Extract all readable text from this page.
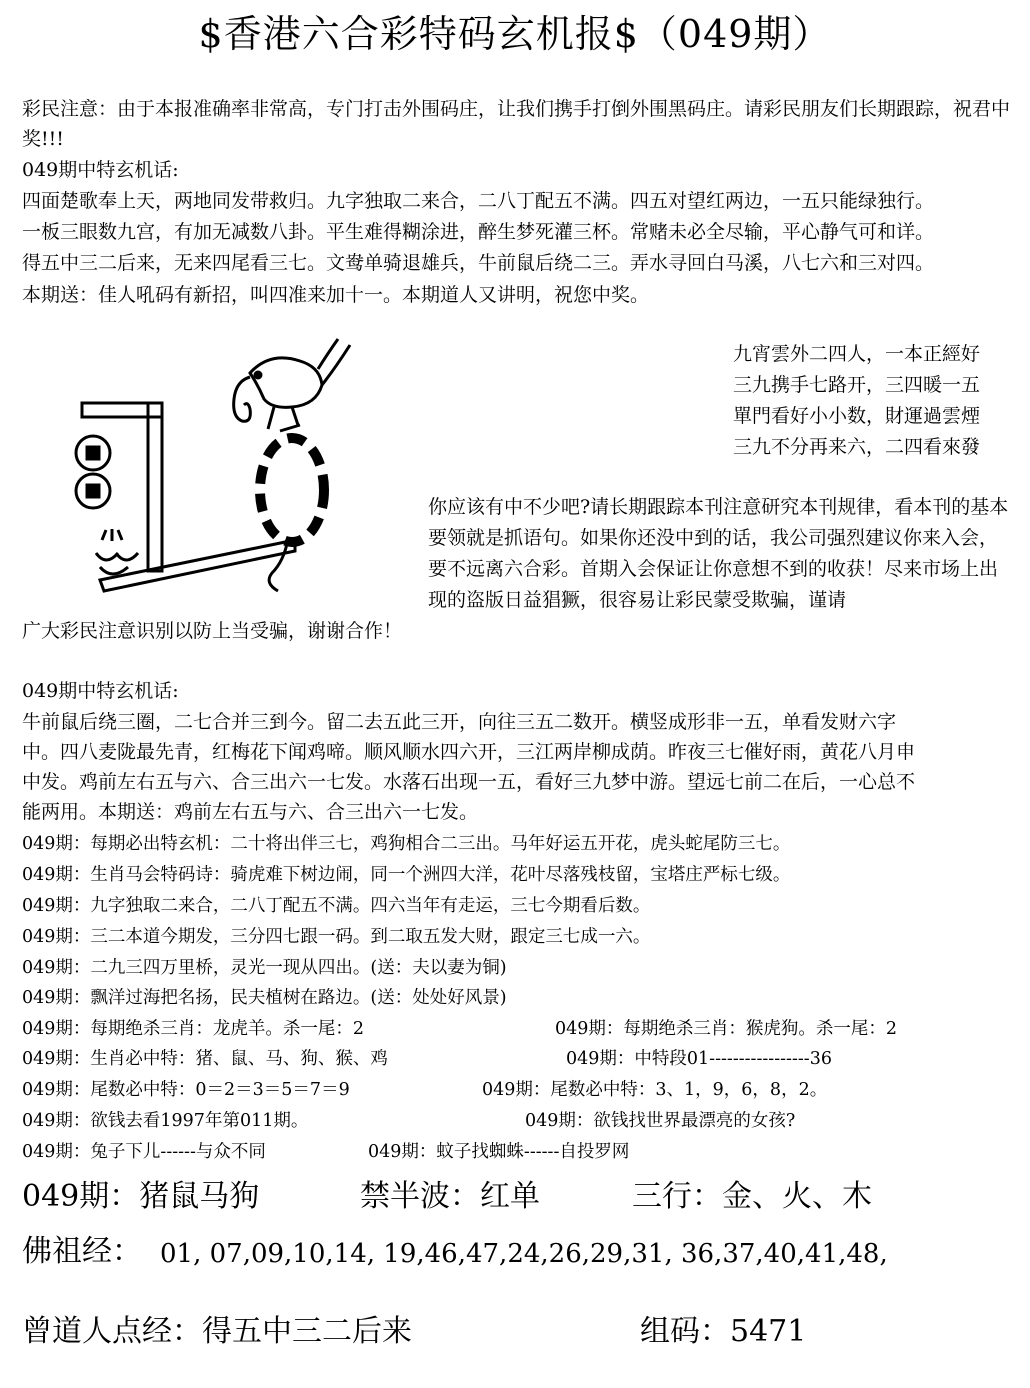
$香港六合彩特码玄机报$（049期）
彩民注意：由于本报准确率非常高，专门打击外围码庄，让我们携手打倒外围黑码庄。请彩民朋友们长期跟踪，祝君中奖!!!
049期中特玄机话:
四面楚歌奉上天，两地同发带救归。九字独取二来合，二八丁配五不满。四五对望红两边，一五只能绿独行。
一板三眼数九宫，有加无减数八卦。平生难得糊涂进，醉生梦死灌三杯。常赌未必全尽输，平心静气可和详。
得五中三二后来，无来四尾看三七。文鸯单骑退雄兵，牛前鼠后绕二三。弄水寻回白马溪，八七六和三对四。
本期送：佳人吼码有新招，叫四准来加十一。本期道人又讲明，祝您中奖。
九宵雲外二四人，一本正經好
三九携手七路开，三四暖一五
單門看好小小数，財運過雲煙
三九不分再来六，二四看來發
你应该有中不少吧?请长期跟踪本刊注意研究本刊规律，看本刊的基本要领就是抓语句。如果你还没中到的话，我公司强烈建议你来入会，要不远离六合彩。首期入会保证让你意想不到的收获！尽来市场上出现的盗版日益猖獗，很容易让彩民蒙受欺骗，谨请
广大彩民注意识别以防上当受骗，谢谢合作！
049期中特玄机话:
牛前鼠后绕三圈，二七合并三到今。留二去五此三开，向往三五二数开。横竖成形非一五，单看发财六字
中。四八麦陇最先青，红梅花下闻鸡啼。顺风顺水四六开，三江两岸柳成荫。昨夜三七催好雨，黄花八月申
中发。鸡前左右五与六、合三出六一七发。水落石出现一五，看好三九梦中游。望远七前二在后，一心总不
能两用。本期送：鸡前左右五与六、合三出六一七发。
049期：每期必出特玄机：二十将出伴三七，鸡狗相合二三出。马年好运五开花，虎头蛇尾防三七。
049期：生肖马会特码诗：骑虎难下树边闹，同一个洲四大洋，花叶尽落残枝留，宝塔庄严标七级。
049期：九字独取二来合，二八丁配五不满。四六当年有走运，三七今期看后数。
049期：三二本道今期发，三分四七跟一码。到二取五发大财，跟定三七成一六。
049期：二九三四万里桥，灵光一现从四出。(送：夫以妻为铜)
049期：飘洋过海把名扬，民夫植树在路边。(送：处处好风景)
049期：每期绝杀三肖：龙虎羊。杀一尾：2	049期：每期绝杀三肖：猴虎狗。杀一尾：2
049期：生肖必中特：猪、鼠、马、狗、猴、鸡	049期：中特段01-----------------36
049期：尾数必中特：0＝2＝3＝5＝7＝9	049期：尾数必中特：3、1，9，6，8，2。
049期：欲钱去看1997年第011期。	049期：欲钱找世界最漂亮的女孩?
049期：兔子下儿------与众不同	049期：蚊子找蜘蛛------自投罗网
049期：猪鼠马狗	禁半波：红单	三行：金、火、木
佛祖经： 01, 07,09,10,14, 19,46,47,24,26,29,31, 36,37,40,41,48,
曾道人点经：得五中三二后来	组码：5471
